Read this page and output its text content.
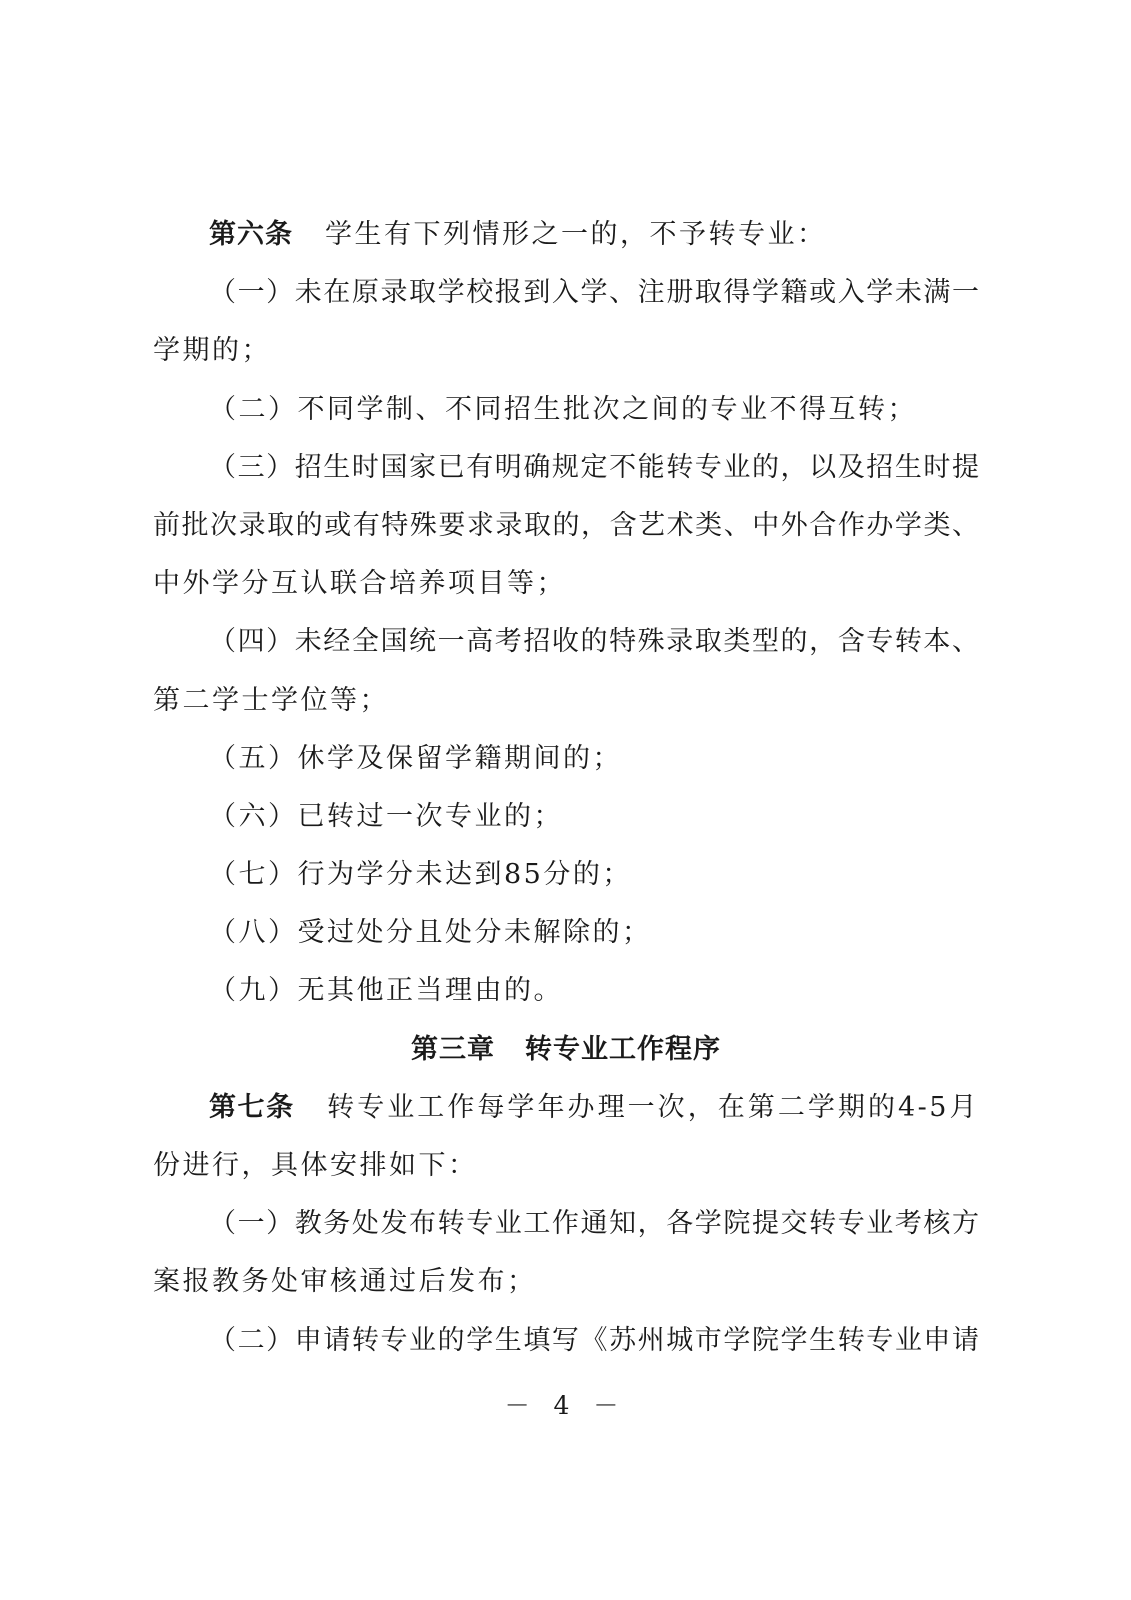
第六条 学生有下列情形之一的，不予转专业：
（一）未在原录取学校报到入学、注册取得学籍或入学未满一
学期的；
（二）不同学制、不同招生批次之间的专业不得互转；
（三）招生时国家已有明确规定不能转专业的，以及招生时提
前批次录取的或有特殊要求录取的，含艺术类、中外合作办学类、
中外学分互认联合培养项目等；
（四）未经全国统一高考招收的特殊录取类型的，含专转本、
第二学士学位等；
（五）休学及保留学籍期间的；
（六）已转过一次专业的；
（七）行为学分未达到85分的；
（八）受过处分且处分未解除的；
（九）无其他正当理由的。
第三章 转专业工作程序
第七条 转专业工作每学年办理一次，在第二学期的4-5月
份进行，具体安排如下：
（一）教务处发布转专业工作通知，各学院提交转专业考核方
案报教务处审核通过后发布；
（二）申请转专业的学生填写《苏州城市学院学生转专业申请
－ 4 －
